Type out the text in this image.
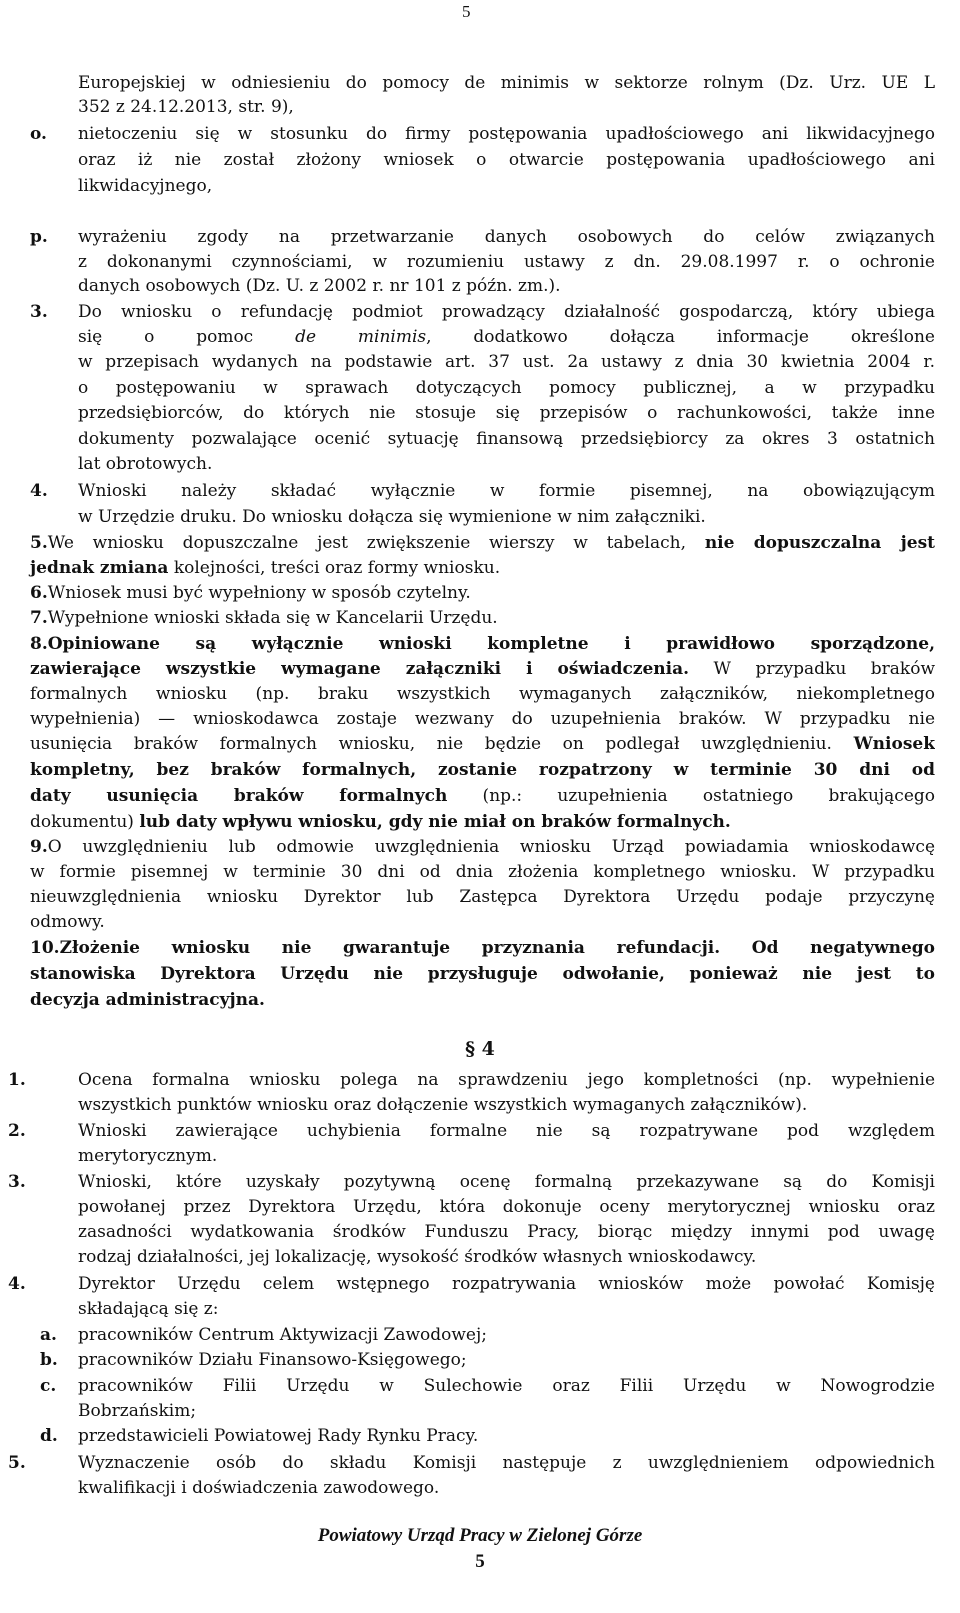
5
Europejskiej w odniesieniu do pomocy de minimis w sektorze rolnym (Dz. Urz. UE L
352 z 24.12.2013, str. 9),
nietoczeniu się w stosunku do firmy postępowania upadłościowego ani likwidacyjnego
oraz iż nie został złożony wniosek o otwarcie postępowania upadłościowego ani
likwidacyjnego,
wyrażeniu zgody na przetwarzanie danych osobowych do celów związanych
z dokonanymi czynnościami, w rozumieniu ustawy z dn. 29.08.1997 r. o ochronie
danych osobowych (Dz. U. z 2002 r. nr 101 z późn. zm.).
Do wniosku o refundację podmiot prowadzący działalność gospodarczą, który ubiega
się o pomoc de minimis, dodatkowo dołącza informacje określone
w przepisach wydanych na podstawie art. 37 ust. 2a ustawy z dnia 30 kwietnia 2004 r.
o postępowaniu w sprawach dotyczących pomocy publicznej, a w przypadku
przedsiębiorców, do których nie stosuje się przepisów o rachunkowości, także inne
dokumenty pozwalające ocenić sytuację finansową przedsiębiorcy za okres 3 ostatnich
lat obrotowych.
Wnioski należy składać wyłącznie w formie pisemnej, na obowiązującym
w Urzędzie druku. Do wniosku dołącza się wymienione w nim załączniki.
5.We wniosku dopuszczalne jest zwiększenie wierszy w tabelach, nie dopuszczalna jest
jednak zmiana kolejności, treści oraz formy wniosku.
6.Wniosek musi być wypełniony w sposób czytelny.
7.Wypełnione wnioski składa się w Kancelarii Urzędu.
8.Opiniowane są wyłącznie wnioski kompletne i prawidłowo sporządzone,
zawierające wszystkie wymagane załączniki i oświadczenia. W przypadku braków
formalnych wniosku (np. braku wszystkich wymaganych załączników, niekompletnego
wypełnienia) — wnioskodawca zostaje wezwany do uzupełnienia braków. W przypadku nie
usunięcia braków formalnych wniosku, nie będzie on podlegał uwzględnieniu. Wniosek
kompletny, bez braków formalnych, zostanie rozpatrzony w terminie 30 dni od
daty usunięcia braków formalnych (np.: uzupełnienia ostatniego brakującego
dokumentu) lub daty wpływu wniosku, gdy nie miał on braków formalnych.
9.O uwzględnieniu lub odmowie uwzględnienia wniosku Urząd powiadamia wnioskodawcę
w formie pisemnej w terminie 30 dni od dnia złożenia kompletnego wniosku. W przypadku
nieuwzględnienia wniosku Dyrektor lub Zastępca Dyrektora Urzędu podaje przyczynę
odmowy.
10.Złożenie wniosku nie gwarantuje przyznania refundacji. Od negatywnego
stanowiska Dyrektora Urzędu nie przysługuje odwołanie, ponieważ nie jest to
decyzja administracyjna.
Ocena formalna wniosku polega na sprawdzeniu jego kompletności (np. wypełnienie
wszystkich punktów wniosku oraz dołączenie wszystkich wymaganych załączników).
Wnioski zawierające uchybienia formalne nie są rozpatrywane pod względem
merytorycznym.
Wnioski, które uzyskały pozytywną ocenę formalną przekazywane są do Komisji
powołanej przez Dyrektora Urzędu, która dokonuje oceny merytorycznej wniosku oraz
zasadności wydatkowania środków Funduszu Pracy, biorąc między innymi pod uwagę
rodzaj działalności, jej lokalizację, wysokość środków własnych wnioskodawcy.
Dyrektor Urzędu celem wstępnego rozpatrywania wniosków może powołać Komisję
składającą się z:
pracowników Centrum Aktywizacji Zawodowej;
pracowników Działu Finansowo-Księgowego;
pracowników Filii Urzędu w Sulechowie oraz Filii Urzędu w Nowogrodzie
Bobrzańskim;
przedstawicieli Powiatowej Rady Rynku Pracy.
Wyznaczenie osób do składu Komisji następuje z uwzględnieniem odpowiednich
kwalifikacji i doświadczenia zawodowego.
o.
p.
3.
4.
1.
2.
3.
4.
a.
b.
c.
d.
5.
§ 4
Powiatowy Urząd Pracy w Zielonej Górze
5
